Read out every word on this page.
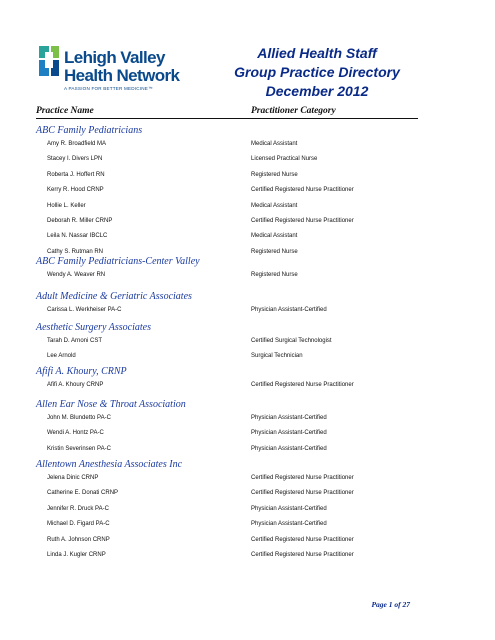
Lehigh Valley
Health Network
A PASSION FOR BETTER MEDICINE™
Allied Health Staff
Group Practice Directory
December 2012
Practice Name	Practitioner Category
ABC Family Pediatricians
Amy R. Broadfield MA	Medical Assistant
Stacey I. Divers LPN	Licensed Practical Nurse
Roberta J. Hoffert RN	Registered Nurse
Kerry R. Hood CRNP	Certified Registered Nurse Practitioner
Hollie L. Keller	Medical Assistant
Deborah R. Miller CRNP	Certified Registered Nurse Practitioner
Leila N. Nassar IBCLC	Medical Assistant
Cathy S. Rutman RN	Registered Nurse
ABC Family Pediatricians-Center Valley
Wendy A. Weaver RN	Registered Nurse
Adult Medicine & Geriatric Associates
Carissa L. Werkheiser PA-C	Physician Assistant-Certified
Aesthetic Surgery Associates
Tarah D. Arnoni CST	Certified Surgical Technologist
Lee Arnold	Surgical Technician
Afifi A. Khoury, CRNP
Afifi A. Khoury CRNP	Certified Registered Nurse Practitioner
Allen Ear Nose & Throat Association
John M. Blundetto PA-C	Physician Assistant-Certified
Wendi A. Hontz PA-C	Physician Assistant-Certified
Kristin Severinsen PA-C	Physician Assistant-Certified
Allentown Anesthesia Associates Inc
Jelena Dinic CRNP	Certified Registered Nurse Practitioner
Catherine E. Donati CRNP	Certified Registered Nurse Practitioner
Jennifer R. Druck PA-C	Physician Assistant-Certified
Michael D. Figard PA-C	Physician Assistant-Certified
Ruth A. Johnson CRNP	Certified Registered Nurse Practitioner
Linda J. Kugler CRNP	Certified Registered Nurse Practitioner
Page 1 of 27
